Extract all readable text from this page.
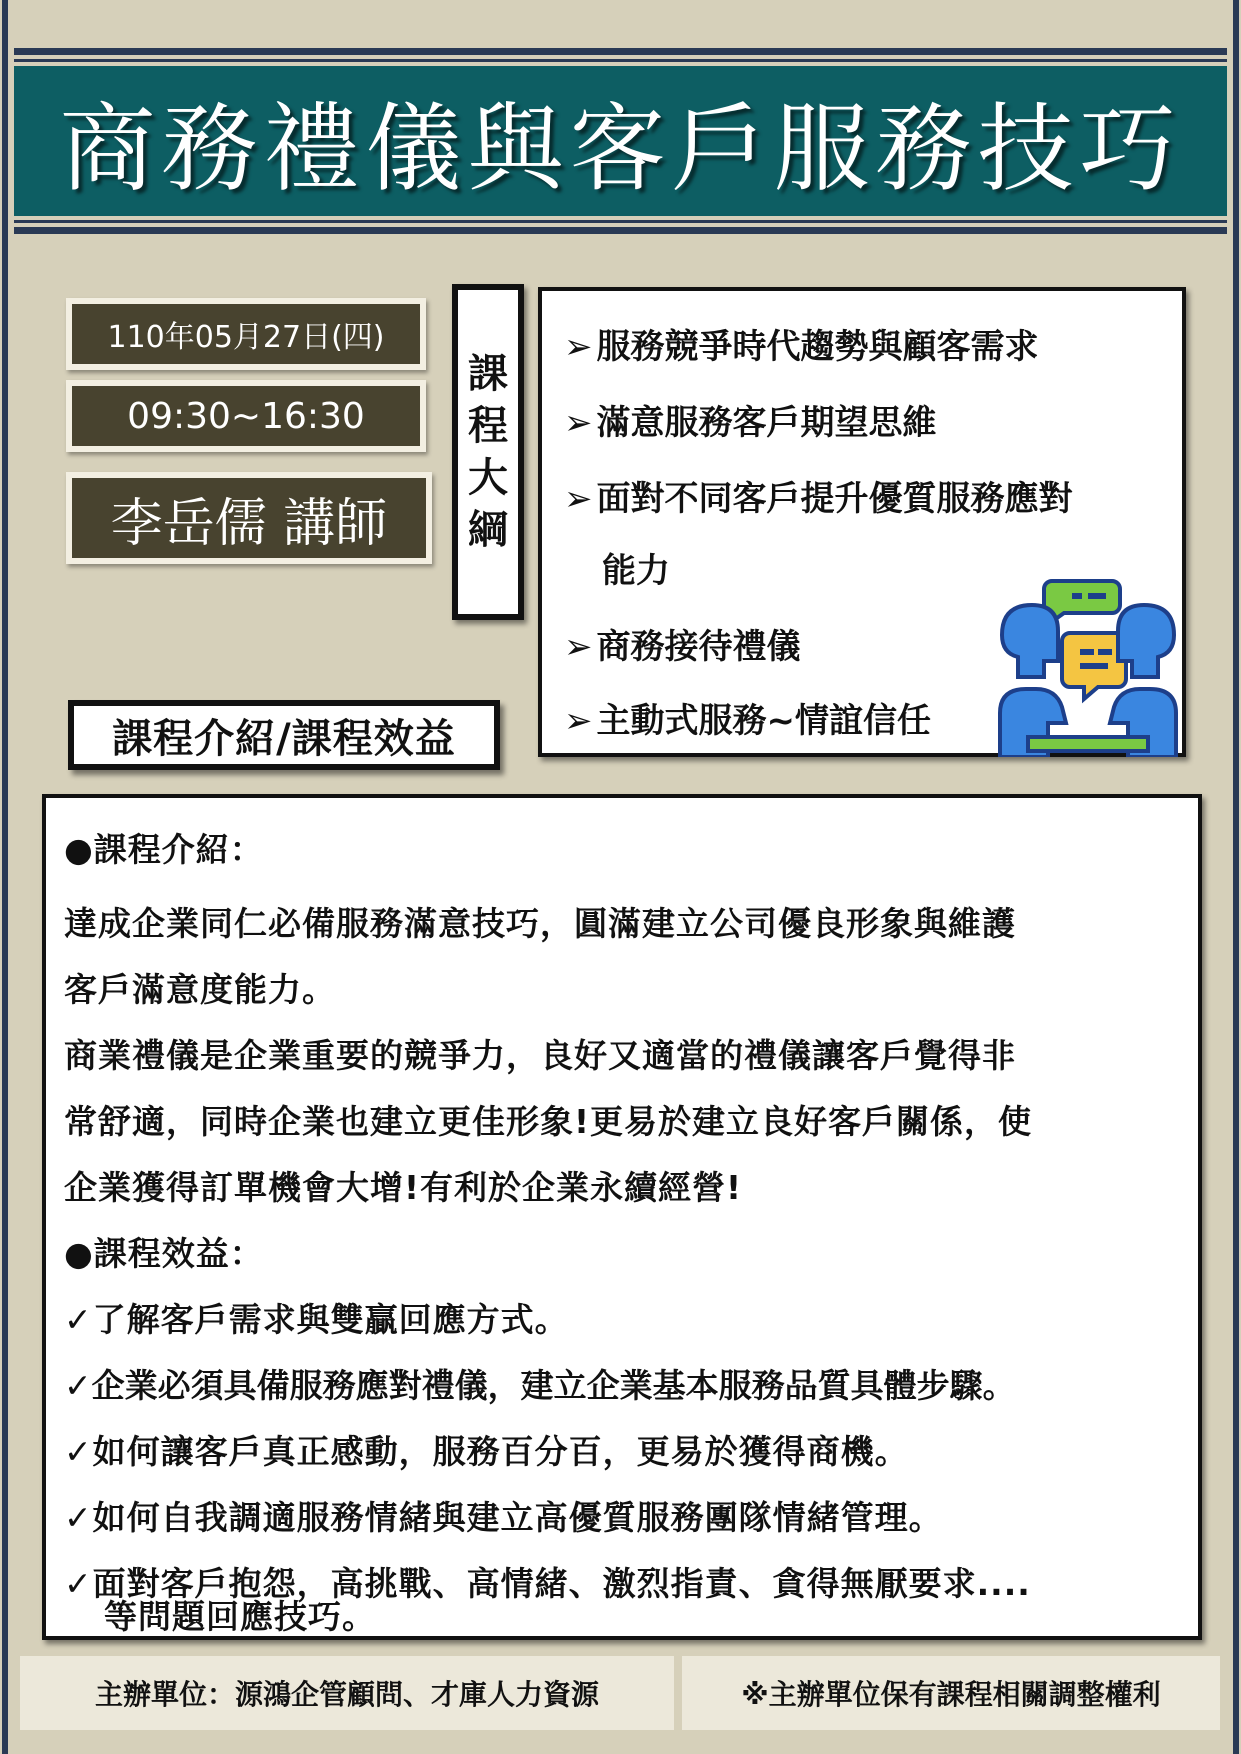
商務禮儀與客戶服務技巧
110年05月27日(四)
09:30~16:30
李岳儒 講師
課
程
大
綱
➢ 服務競爭時代趨勢與顧客需求
➢ 滿意服務客戶期望思維
➢ 面對不同客戶提升優質服務應對
能力
➢ 商務接待禮儀
➢ 主動式服務~情誼信任
課程介紹/課程效益
●課程介紹：
達成企業同仁必備服務滿意技巧，圓滿建立公司優良形象與維護
客戶滿意度能力。
商業禮儀是企業重要的競爭力，良好又適當的禮儀讓客戶覺得非
常舒適，同時企業也建立更佳形象!更易於建立良好客戶關係，使
企業獲得訂單機會大增!有利於企業永續經營!
●課程效益：
✓了解客戶需求與雙贏回應方式。
✓企業必須具備服務應對禮儀，建立企業基本服務品質具體步驟。
✓如何讓客戶真正感動，服務百分百，更易於獲得商機。
✓如何自我調適服務情緒與建立高優質服務團隊情緒管理。
✓面對客戶抱怨，高挑戰、高情緒、激烈指責、貪得無厭要求....
等問題回應技巧。
主辦單位：源鴻企管顧問、才庫人力資源	※主辦單位保有課程相關調整權利
